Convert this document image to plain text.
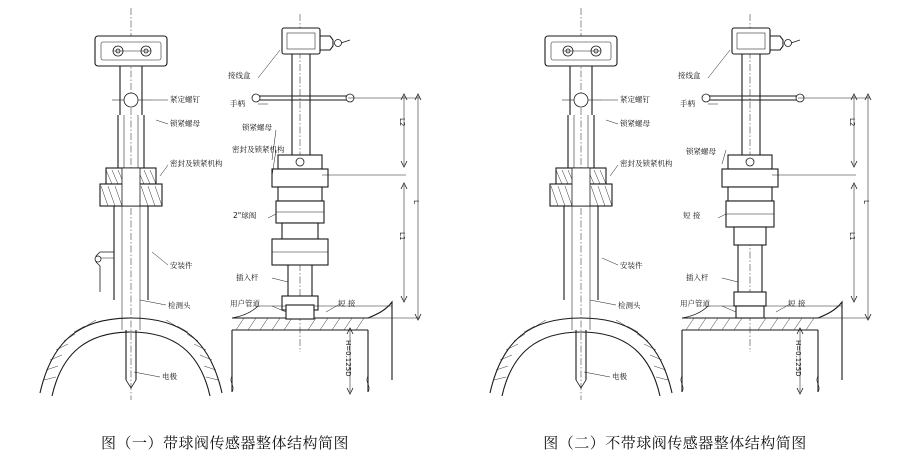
紧定螺钉
锁紧螺母
密封及锁紧机构
安装件
检测头
电极
接线盒
手柄
锁紧螺母
密封及锁紧机构
2"球阀
插入杆
用户管道	短 接
L2
L1
L
H=0.125D
紧定螺钉
锁紧螺母
密封及锁紧机构
安装件
检测头
电极
接线盒
手柄
锁紧螺母
短 接
插入杆
用户管道	短 接
L2
L1
L
H=0.125D
图（一）带球阀传感器整体结构简图	图（二）不带球阀传感器整体结构简图
